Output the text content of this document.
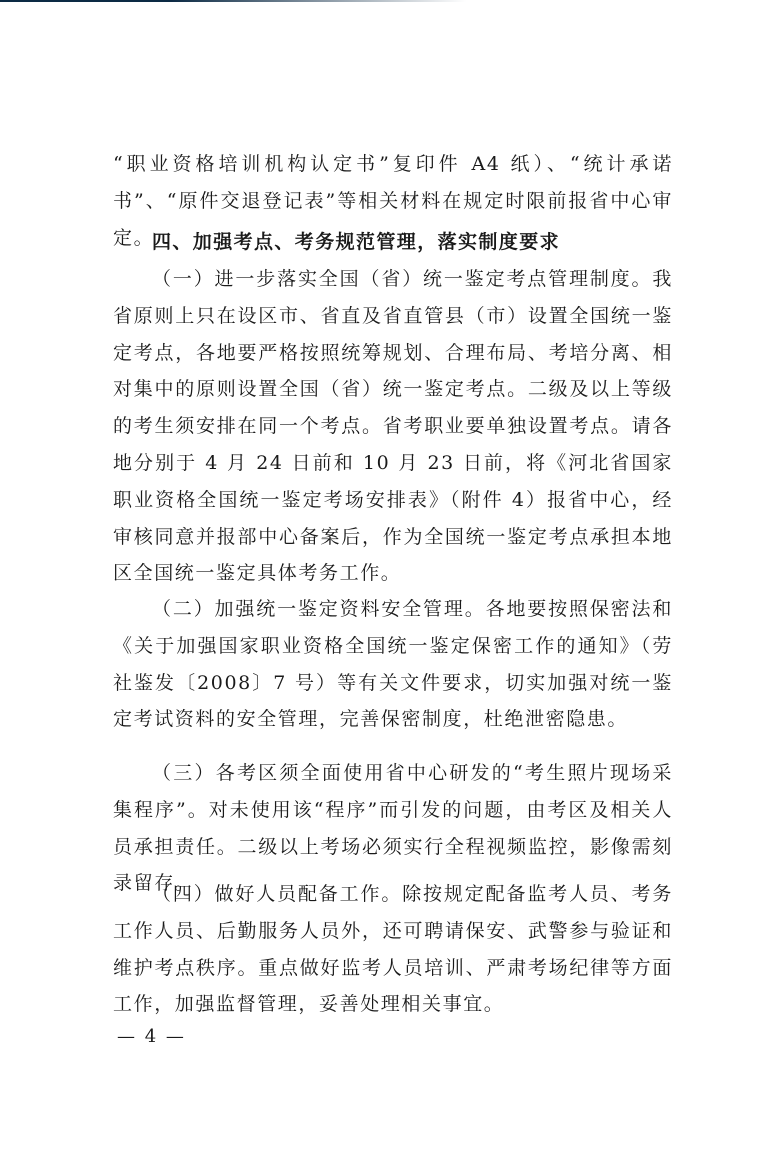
“职业资格培训机构认定书”复印件 A4 纸）、“统计承诺书”、“原件交退登记表”等相关材料在规定时限前报省中心审定。

四、加强考点、考务规范管理，落实制度要求

（一）进一步落实全国（省）统一鉴定考点管理制度。我省原则上只在设区市、省直及省直管县（市）设置全国统一鉴定考点，各地要严格按照统筹规划、合理布局、考培分离、相对集中的原则设置全国（省）统一鉴定考点。二级及以上等级的考生须安排在同一个考点。省考职业要单独设置考点。请各地分别于 4 月 24 日前和 10 月 23 日前，将《河北省国家职业资格全国统一鉴定考场安排表》（附件 4）报省中心，经审核同意并报部中心备案后，作为全国统一鉴定考点承担本地区全国统一鉴定具体考务工作。

（二）加强统一鉴定资料安全管理。各地要按照保密法和《关于加强国家职业资格全国统一鉴定保密工作的通知》（劳社鉴发〔2008〕7 号）等有关文件要求，切实加强对统一鉴定考试资料的安全管理，完善保密制度，杜绝泄密隐患。

（三）各考区须全面使用省中心研发的“考生照片现场采集程序”。对未使用该“程序”而引发的问题，由考区及相关人员承担责任。二级以上考场必须实行全程视频监控，影像需刻录留存。

（四）做好人员配备工作。除按规定配备监考人员、考务工作人员、后勤服务人员外，还可聘请保安、武警参与验证和维护考点秩序。重点做好监考人员培训、严肃考场纪律等方面工作，加强监督管理，妥善处理相关事宜。

— 4 —
